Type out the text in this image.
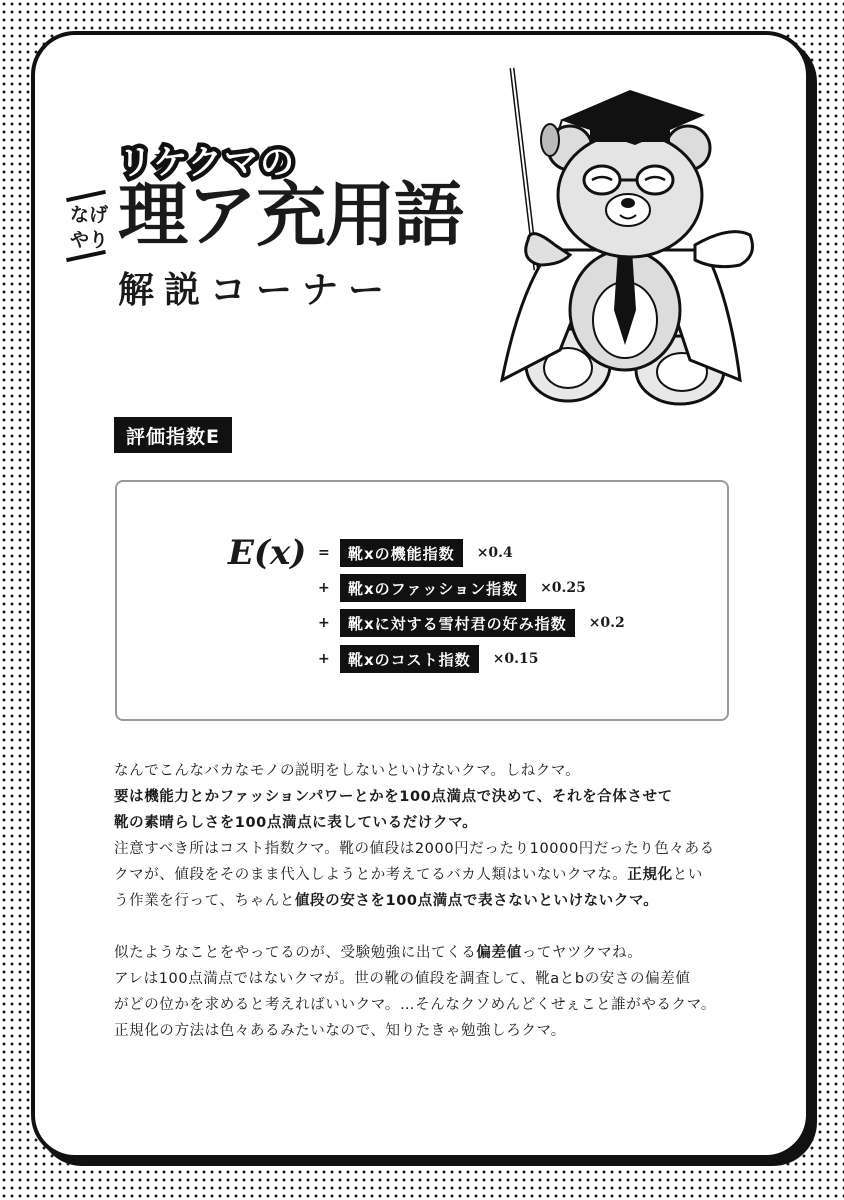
リケクマの
なげ
やり 理ア充用語
解説コーナー
評価指数E
E(x) =	靴xの機能指数	×0.4
+	靴xのファッション指数	×0.25
+	靴xに対する雪村君の好み指数	×0.2
+	靴xのコスト指数	×0.15
なんでこんなバカなモノの説明をしないといけないクマ。しねクマ。
要は機能力とかファッションパワーとかを100点満点で決めて、それを合体させて
靴の素晴らしさを100点満点に表しているだけクマ。
注意すべき所はコスト指数クマ。靴の値段は2000円だったり10000円だったり色々ある
クマが、値段をそのまま代入しようとか考えてるバカ人類はいないクマな。正規化とい
う作業を行って、ちゃんと値段の安さを100点満点で表さないといけないクマ。
似たようなことをやってるのが、受験勉強に出てくる偏差値ってヤツクマね。
アレは100点満点ではないクマが。世の靴の値段を調査して、靴aとbの安さの偏差値
がどの位かを求めると考えればいいクマ。…そんなクソめんどくせぇこと誰がやるクマ。
正規化の方法は色々あるみたいなので、知りたきゃ勉強しろクマ。
